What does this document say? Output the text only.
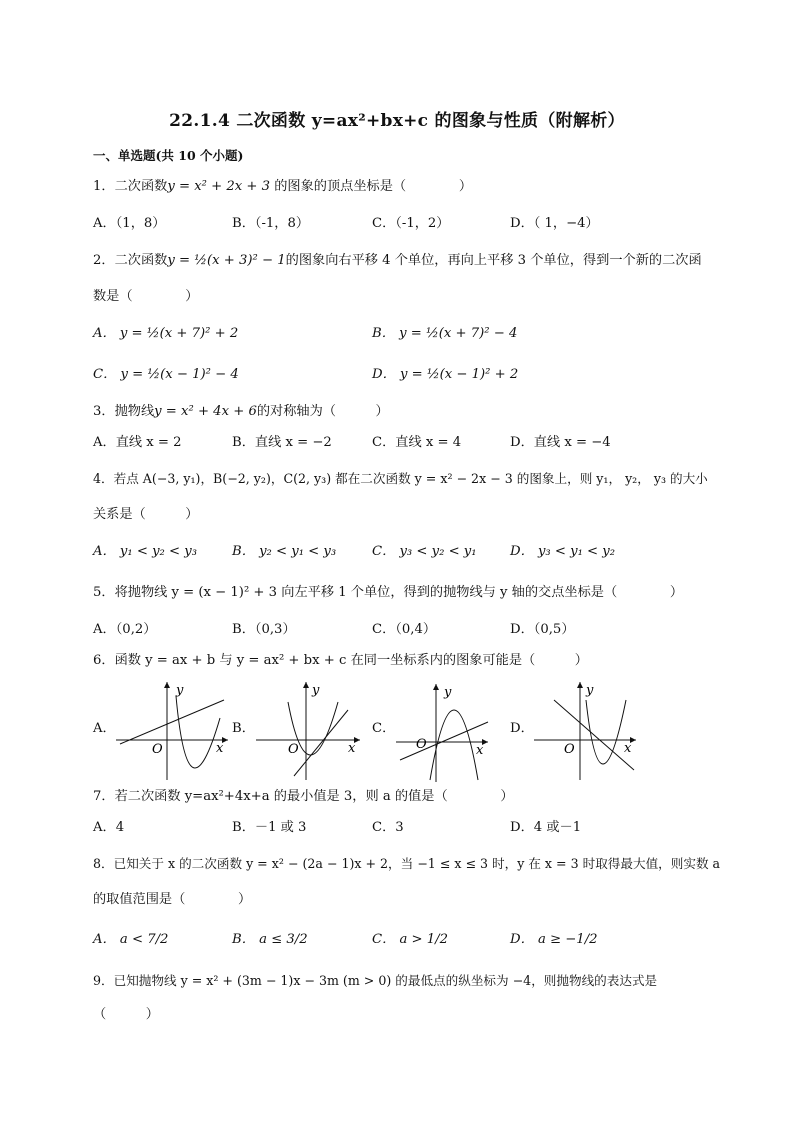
22.1.4 二次函数 y=ax²+bx+c 的图象与性质（附解析）
一、单选题(共 10 个小题)
1．二次函数y = x² + 2x + 3 的图象的顶点坐标是（　　　　）
A．（1，8）	B．（-1，8）	C．（-1，2）	D．（ 1，−4）
2．二次函数y = ½(x + 3)² − 1的图象向右平移 4 个单位，再向上平移 3 个单位，得到一个新的二次函
数是（　　　　）
A． y = ½(x + 7)² + 2	B． y = ½(x + 7)² − 4
C． y = ½(x − 1)² − 4	D． y = ½(x − 1)² + 2
3．抛物线y = x² + 4x + 6的对称轴为（　　　）
A．直线 x = 2	B．直线 x = −2	C．直线 x = 4	D．直线 x = −4
4．若点 A(−3, y₁)，B(−2, y₂)，C(2, y₃) 都在二次函数 y = x² − 2x − 3 的图象上，则 y₁， y₂， y₃ 的大小
关系是（　　　）
A． y₁ < y₂ < y₃	B． y₂ < y₁ < y₃	C． y₃ < y₂ < y₁	D． y₃ < y₁ < y₂
5．将抛物线 y = (x − 1)² + 3 向左平移 1 个单位，得到的抛物线与 y 轴的交点坐标是（　　　　）
A．（0,2）	B．（0,3）	C．（0,4）	D．（0,5）
6．函数 y = ax + b 与 y = ax² + bx + c 在同一坐标系内的图象可能是（　　　）
A．
y
x
O
B．
y
x
O
C．
y
x
O
D．
y
x
O
7．若二次函数 y=ax²+4x+a 的最小值是 3，则 a 的值是（　　　　）
A．4	B．－1 或 3	C．3	D．4 或－1
8．已知关于 x 的二次函数 y = x² − (2a − 1)x + 2，当 −1 ≤ x ≤ 3 时，y 在 x = 3 时取得最大值，则实数 a
的取值范围是（　　　　）
A． a < 7/2	B． a ≤ 3/2	C． a > 1/2	D． a ≥ −1/2
9．已知抛物线 y = x² + (3m − 1)x − 3m (m > 0) 的最低点的纵坐标为 −4，则抛物线的表达式是
（　　　）
